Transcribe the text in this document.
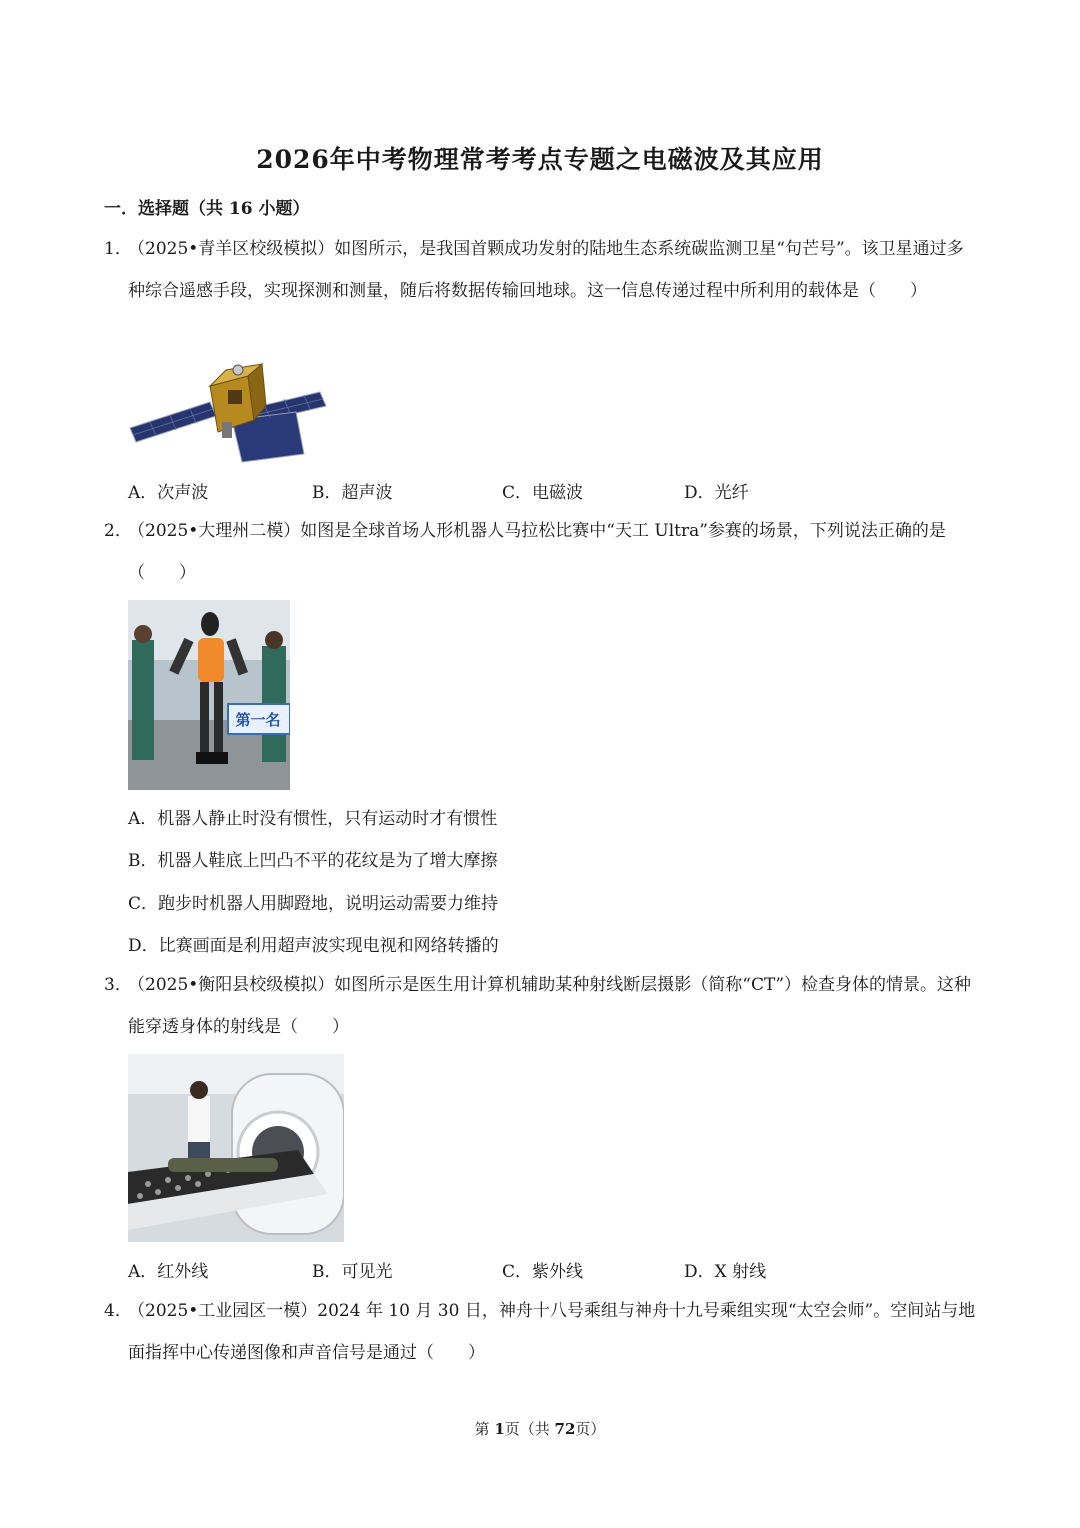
2026年中考物理常考考点专题之电磁波及其应用
一．选择题（共 16 小题）
1．
（2025•青羊区校级模拟）如图所示，是我国首颗成功发射的陆地生态系统碳监测卫星“句芒号”。该卫星通过多种综合遥感手段，实现探测和测量，随后将数据传输回地球。这一信息传递过程中所利用的载体是（　　）
A．次声波	B．超声波	C．电磁波	D．光纤
2．
（2025•大理州二模）如图是全球首场人形机器人马拉松比赛中“天工 Ultra”参赛的场景，下列说法正确的是（　　）
第一名
A．机器人静止时没有惯性，只有运动时才有惯性
B．机器人鞋底上凹凸不平的花纹是为了增大摩擦
C．跑步时机器人用脚蹬地，说明运动需要力维持
D．比赛画面是利用超声波实现电视和网络转播的
3．
（2025•衡阳县校级模拟）如图所示是医生用计算机辅助某种射线断层摄影（简称“CT”）检查身体的情景。这种能穿透身体的射线是（　　）
A．红外线	B．可见光	C．紫外线	D．X 射线
4．
（2025•工业园区一模）2024 年 10 月 30 日，神舟十八号乘组与神舟十九号乘组实现“太空会师”。空间站与地面指挥中心传递图像和声音信号是通过（　　）
第 1页（共 72页）
